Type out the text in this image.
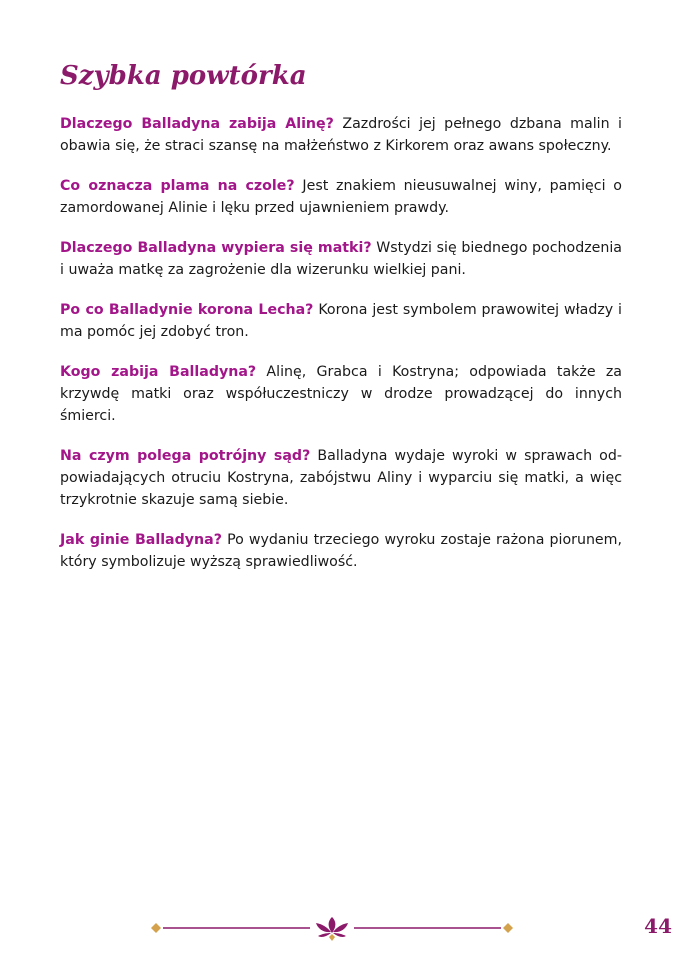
Szybka powtórka

Dlaczego Balladyna zabija Alinę? Zazdrości jej pełnego dzbana malin i obawia się, że straci szansę na małżeństwo z Kirkorem oraz awans społeczny.

Co oznacza plama na czole? Jest znakiem nieusuwalnej winy, pamięci o zamordowanej Alinie i lęku przed ujawnieniem prawdy.

Dlaczego Balladyna wypiera się matki? Wstydzi się biednego pochodzenia i uważa matkę za zagrożenie dla wizerunku wielkiej pani.

Po co Balladynie korona Lecha? Korona jest symbolem prawowitej władzy i ma pomóc jej zdobyć tron.

Kogo zabija Balladyna? Alinę, Grabca i Kostryna; odpowiada także za krzywdę matki oraz współuczestniczy w drodze prowadzącej do innych śmierci.

Na czym polega potrójny sąd? Balladyna wydaje wyroki w sprawach odpowiadających otruciu Kostryna, zabójstwu Aliny i wyparciu się matki, a więc trzykrotnie skazuje samą siebie.

Jak ginie Balladyna? Po wydaniu trzeciego wyroku zostaje rażona piorunem, który symbolizuje wyższą sprawiedliwość.

44
